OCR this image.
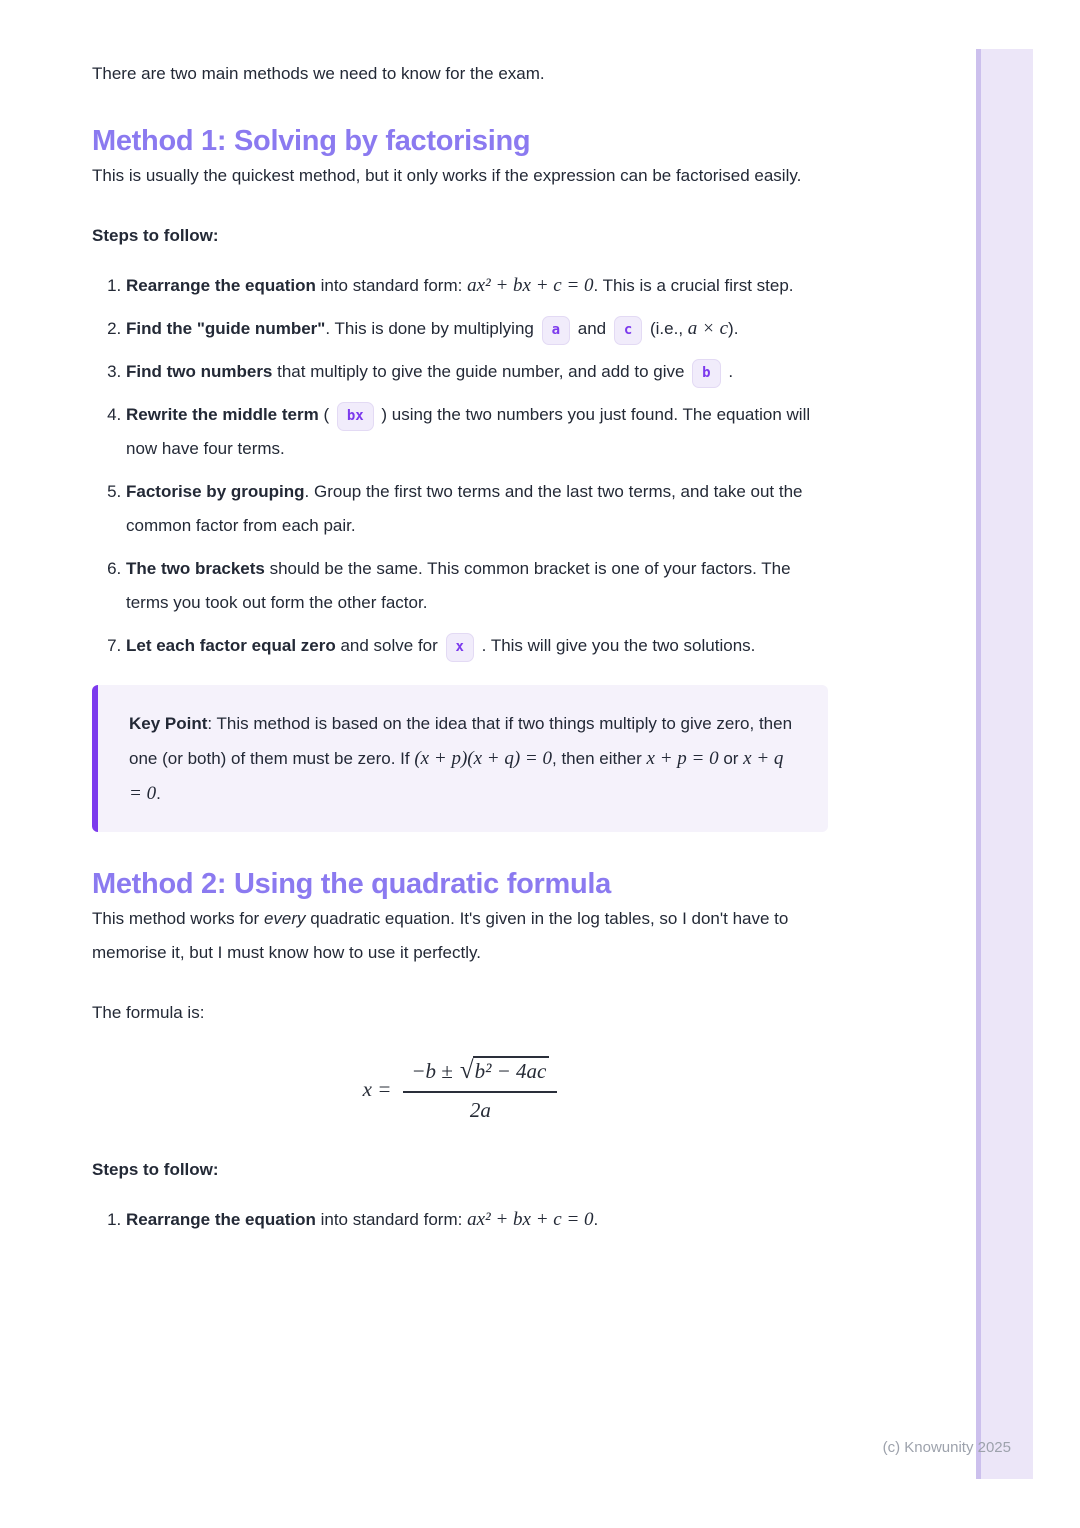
There are two main methods we need to know for the exam.

Method 1: Solving by factorising

This is usually the quickest method, but it only works if the expression can be factorised easily.

Steps to follow:

1. Rearrange the equation into standard form: ax² + bx + c = 0. This is a crucial first step.
2. Find the "guide number". This is done by multiplying a and c (i.e., a × c).
3. Find two numbers that multiply to give the guide number, and add to give b .
4. Rewrite the middle term ( bx ) using the two numbers you just found. The equation will now have four terms.
5. Factorise by grouping. Group the first two terms and the last two terms, and take out the common factor from each pair.
6. The two brackets should be the same. This common bracket is one of your factors. The terms you took out form the other factor.
7. Let each factor equal zero and solve for x . This will give you the two solutions.
Key Point: This method is based on the idea that if two things multiply to give zero, then one (or both) of them must be zero. If (x + p)(x + q) = 0, then either x + p = 0 or x + q = 0.
Method 2: Using the quadratic formula

This method works for every quadratic equation. It's given in the log tables, so I don't have to memorise it, but I must know how to use it perfectly.

The formula is:

$x = \frac{\text{−b ± √ b² − 4ac}}{2a}$

Steps to follow:

1. Rearrange the equation into standard form: ax² + bx + c = 0.
(c) Knowunity 2025
